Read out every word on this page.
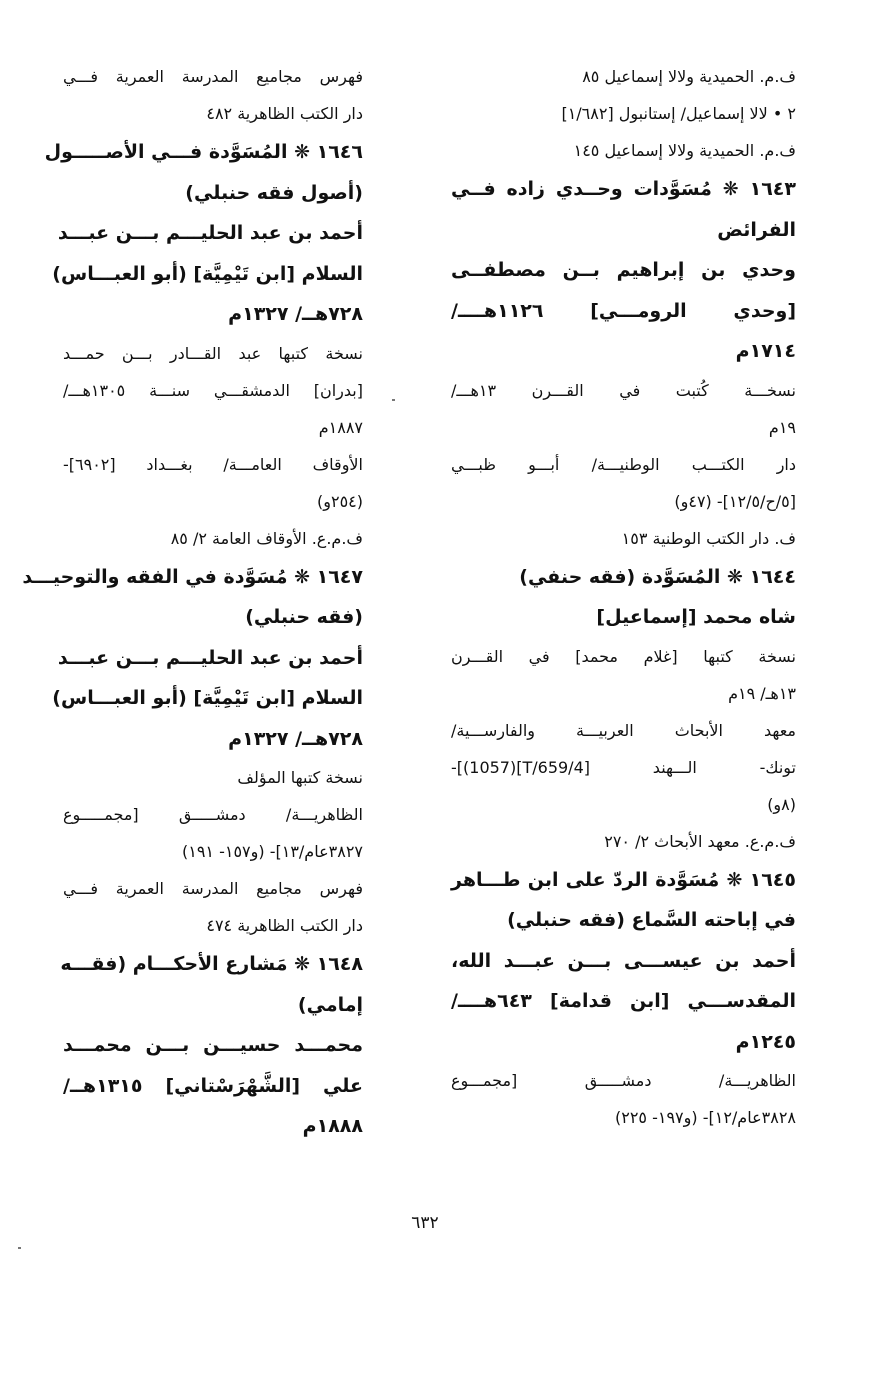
ف.م. الحميدية ولالا إسماعيل ٨٥
٢ • لالا إسماعيل/ إستانبول [١/٦٨٢]
ف.م. الحميدية ولالا إسماعيل ١٤٥
١٦٤٣ ❋ مُسَوَّدات وحــدي زاده فــي
الفرائض
وحدي بن إبراهيم بــن مصطفــى
[وحدي الرومـــي] ١١٢٦هــــ/
١٧١٤م
نسخـــة كُتبت في القـــرن ١٣هـــ/
١٩م
دار الكتـــب الوطنيـــة/ أبـــو ظبـــي
[٥/ح/١٢/٥]- (٤٧و)
ف. دار الكتب الوطنية ١٥٣
١٦٤٤ ❋ المُسَوَّدة (فقه حنفي)
شاه محمد [إسماعيل]
نسخة كتبها [غلام محمد] في القـــرن
١٣هـ/ ١٩م
معهد الأبحاث العربيـــة والفارســـية/
تونك- الـــهند [T/659/4](1057)]-
(٨و)
ف.م.ع. معهد الأبحاث ٢/ ٢٧٠
١٦٤٥ ❋ مُسَوَّدة الردّ على ابن طـــاهر
في إباحته السَّماع (فقه حنبلي)
أحمد بن عيســـى بـــن عبـــد الله،
المقدســـي [ابن قدامة] ٦٤٣هــــ/
١٢٤٥م
الظاهريـــة/ دمشـــــق [مجمـــوع
٣٨٢٨عام/١٢]- (و١٩٧- ٢٢٥)
فهرس مجاميع المدرسة العمرية فـــي
دار الكتب الظاهرية ٤٨٢
١٦٤٦ ❋ المُسَوَّدة فـــي الأصـــــول
(أصول فقه حنبلي)
أحمد بن عبد الحليـــم بـــن عبـــد
السلام [ابن تَيْمِيَّة] (أبو العبـــاس)
٧٢٨هــ/ ١٣٢٧م
نسخة كتبها عبد القـــادر بـــن حمـــد
[بدران] الدمشقـــي سنـــة ١٣٠٥هـــ/
١٨٨٧م
الأوقاف العامـــة/ بغـــداد [٦٩٠٢]-
(٢٥٤و)
ف.م.ع. الأوقاف العامة ٢/ ٨٥
١٦٤٧ ❋ مُسَوَّدة في الفقه والتوحيـــد
(فقه حنبلي)
أحمد بن عبد الحليـــم بـــن عبـــد
السلام [ابن تَيْمِيَّة] (أبو العبـــاس)
٧٢٨هــ/ ١٣٢٧م
نسخة كتبها المؤلف
الظاهريـــة/ دمشـــــق [مجمـــــوع
٣٨٢٧عام/١٣]- (و١٥٧- ١٩١)
فهرس مجاميع المدرسة العمرية فـــي
دار الكتب الظاهرية ٤٧٤
١٦٤٨ ❋ مَشارع الأحكـــام (فقـــه
إمامي)
محمـــد حسيـــن بـــن محمـــد
علي [الشَّهْرَسْتاني] ١٣١٥هــ/
١٨٨٨م
٦٣٢
